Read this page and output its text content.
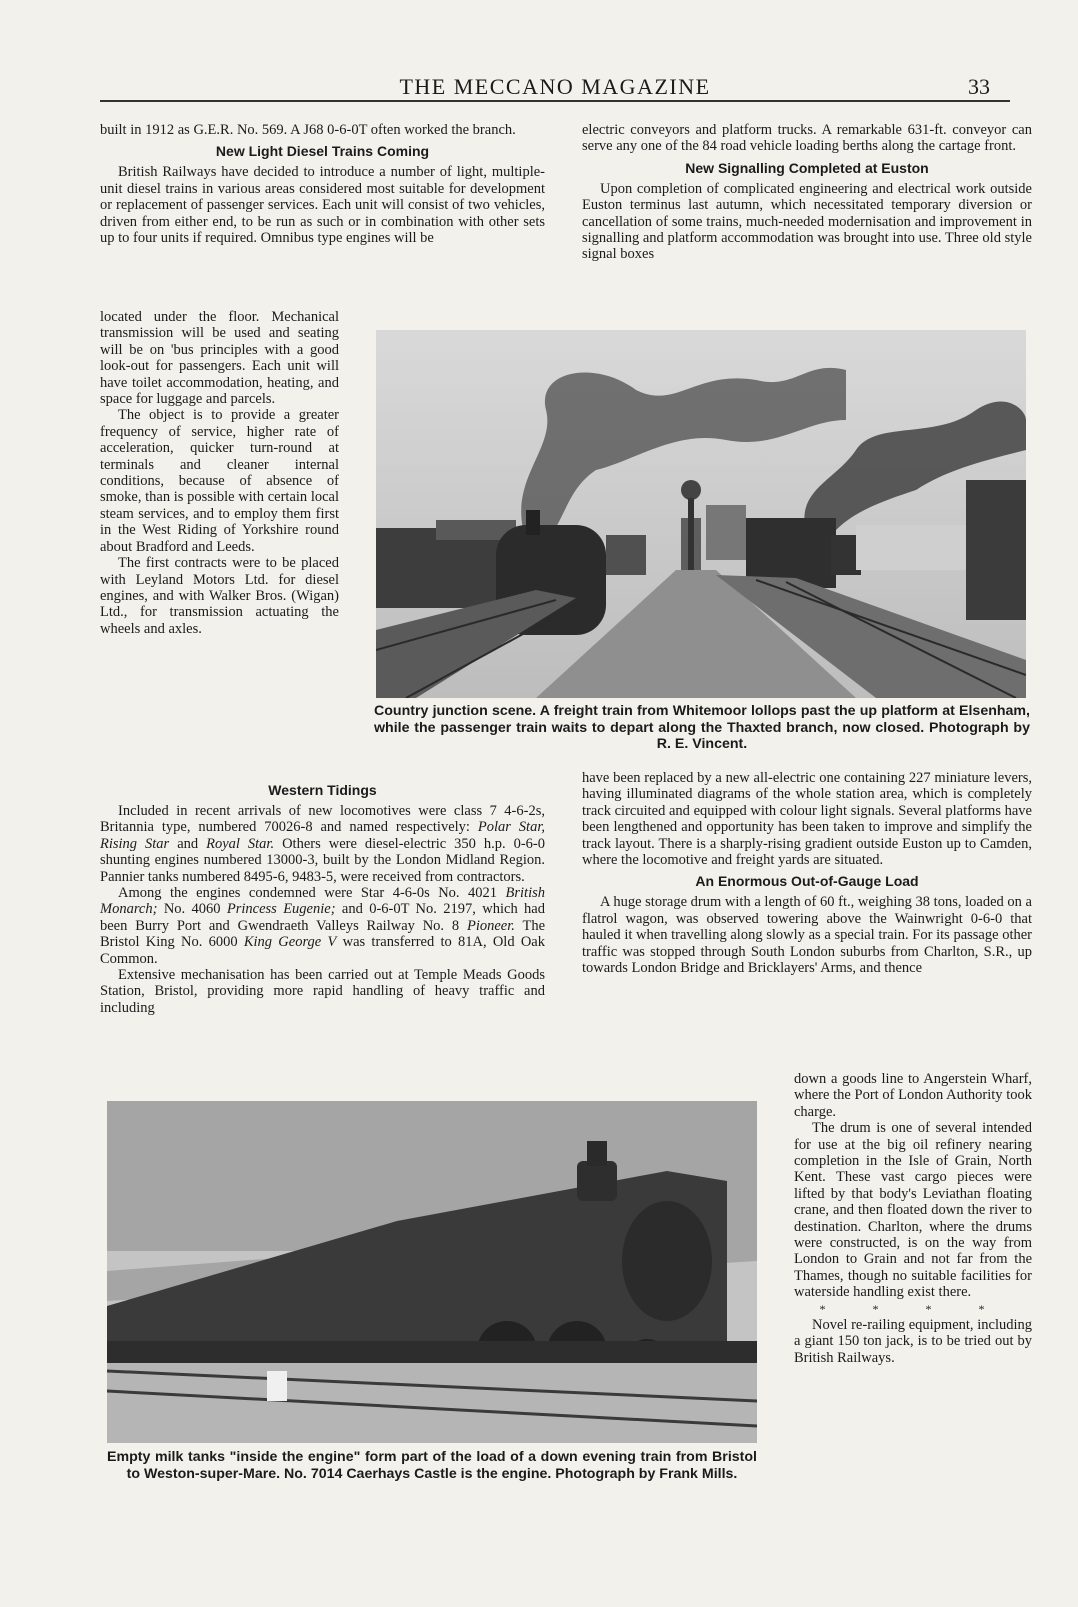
THE MECCANO MAGAZINE	33

built in 1912 as G.E.R. No. 569. A J68 0-6-0T often worked the branch.

New Light Diesel Trains Coming

British Railways have decided to introduce a number of light, multiple-unit diesel trains in various areas considered most suitable for development or replacement of passenger services. Each unit will consist of two vehicles, driven from either end, to be run as such or in combination with other sets up to four units if required. Omnibus type engines will be

located under the floor. Mechanical transmission will be used and seating will be on 'bus principles with a good look-out for passengers. Each unit will have toilet accommodation, heating, and space for luggage and parcels.

The object is to provide a greater frequency of service, higher rate of acceleration, quicker turn-round at terminals and cleaner internal conditions, because of absence of smoke, than is possible with certain local steam services, and to employ them first in the West Riding of Yorkshire round about Bradford and Leeds.

The first contracts were to be placed with Leyland Motors Ltd. for diesel engines, and with Walker Bros. (Wigan) Ltd., for transmission actuating the wheels and axles.

Western Tidings

Included in recent arrivals of new locomotives were class 7 4-6-2s, Britannia type, numbered 70026-8 and named respectively: Polar Star, Rising Star and Royal Star. Others were diesel-electric 350 h.p. 0-6-0 shunting engines numbered 13000-3, built by the London Midland Region. Pannier tanks numbered 8495-6, 9483-5, were received from contractors.

Among the engines condemned were Star 4-6-0s No. 4021 British Monarch; No. 4060 Princess Eugenie; and 0-6-0T No. 2197, which had been Burry Port and Gwendraeth Valleys Railway No. 8 Pioneer. The Bristol King No. 6000 King George V was transferred to 81A, Old Oak Common.

Extensive mechanisation has been carried out at Temple Meads Goods Station, Bristol, providing more rapid handling of heavy traffic and including

electric conveyors and platform trucks. A remarkable 631-ft. conveyor can serve any one of the 84 road vehicle loading berths along the cartage front.

New Signalling Completed at Euston

Upon completion of complicated engineering and electrical work outside Euston terminus last autumn, which necessitated temporary diversion or cancellation of some trains, much-needed modernisation and improvement in signalling and platform accommodation was brought into use. Three old style signal boxes

Country junction scene. A freight train from Whitemoor lollops past the up platform at Elsenham, while the passenger train waits to depart along the Thaxted branch, now closed. Photograph by R. E. Vincent.

have been replaced by a new all-electric one containing 227 miniature levers, having illuminated diagrams of the whole station area, which is completely track circuited and equipped with colour light signals. Several platforms have been lengthened and opportunity has been taken to improve and simplify the track layout. There is a sharply-rising gradient outside Euston up to Camden, where the locomotive and freight yards are situated.

An Enormous Out-of-Gauge Load

A huge storage drum with a length of 60 ft., weighing 38 tons, loaded on a flatrol wagon, was observed towering above the Wainwright 0-6-0 that hauled it when travelling along slowly as a special train. For its passage other traffic was stopped through South London suburbs from Charlton, S.R., up towards London Bridge and Bricklayers' Arms, and thence

down a goods line to Angerstein Wharf, where the Port of London Authority took charge.

The drum is one of several intended for use at the big oil refinery nearing completion in the Isle of Grain, North Kent. These vast cargo pieces were lifted by that body's Leviathan floating crane, and then floated down the river to destination. Charlton, where the drums were constructed, is on the way from London to Grain and not far from the Thames, though no suitable facilities for waterside handling exist there.

* * * *

Novel re-railing equipment, including a giant 150 ton jack, is to be tried out by British Railways.

Empty milk tanks "inside the engine" form part of the load of a down evening train from Bristol to Weston-super-Mare. No. 7014 Caerhays Castle is the engine. Photograph by Frank Mills.
